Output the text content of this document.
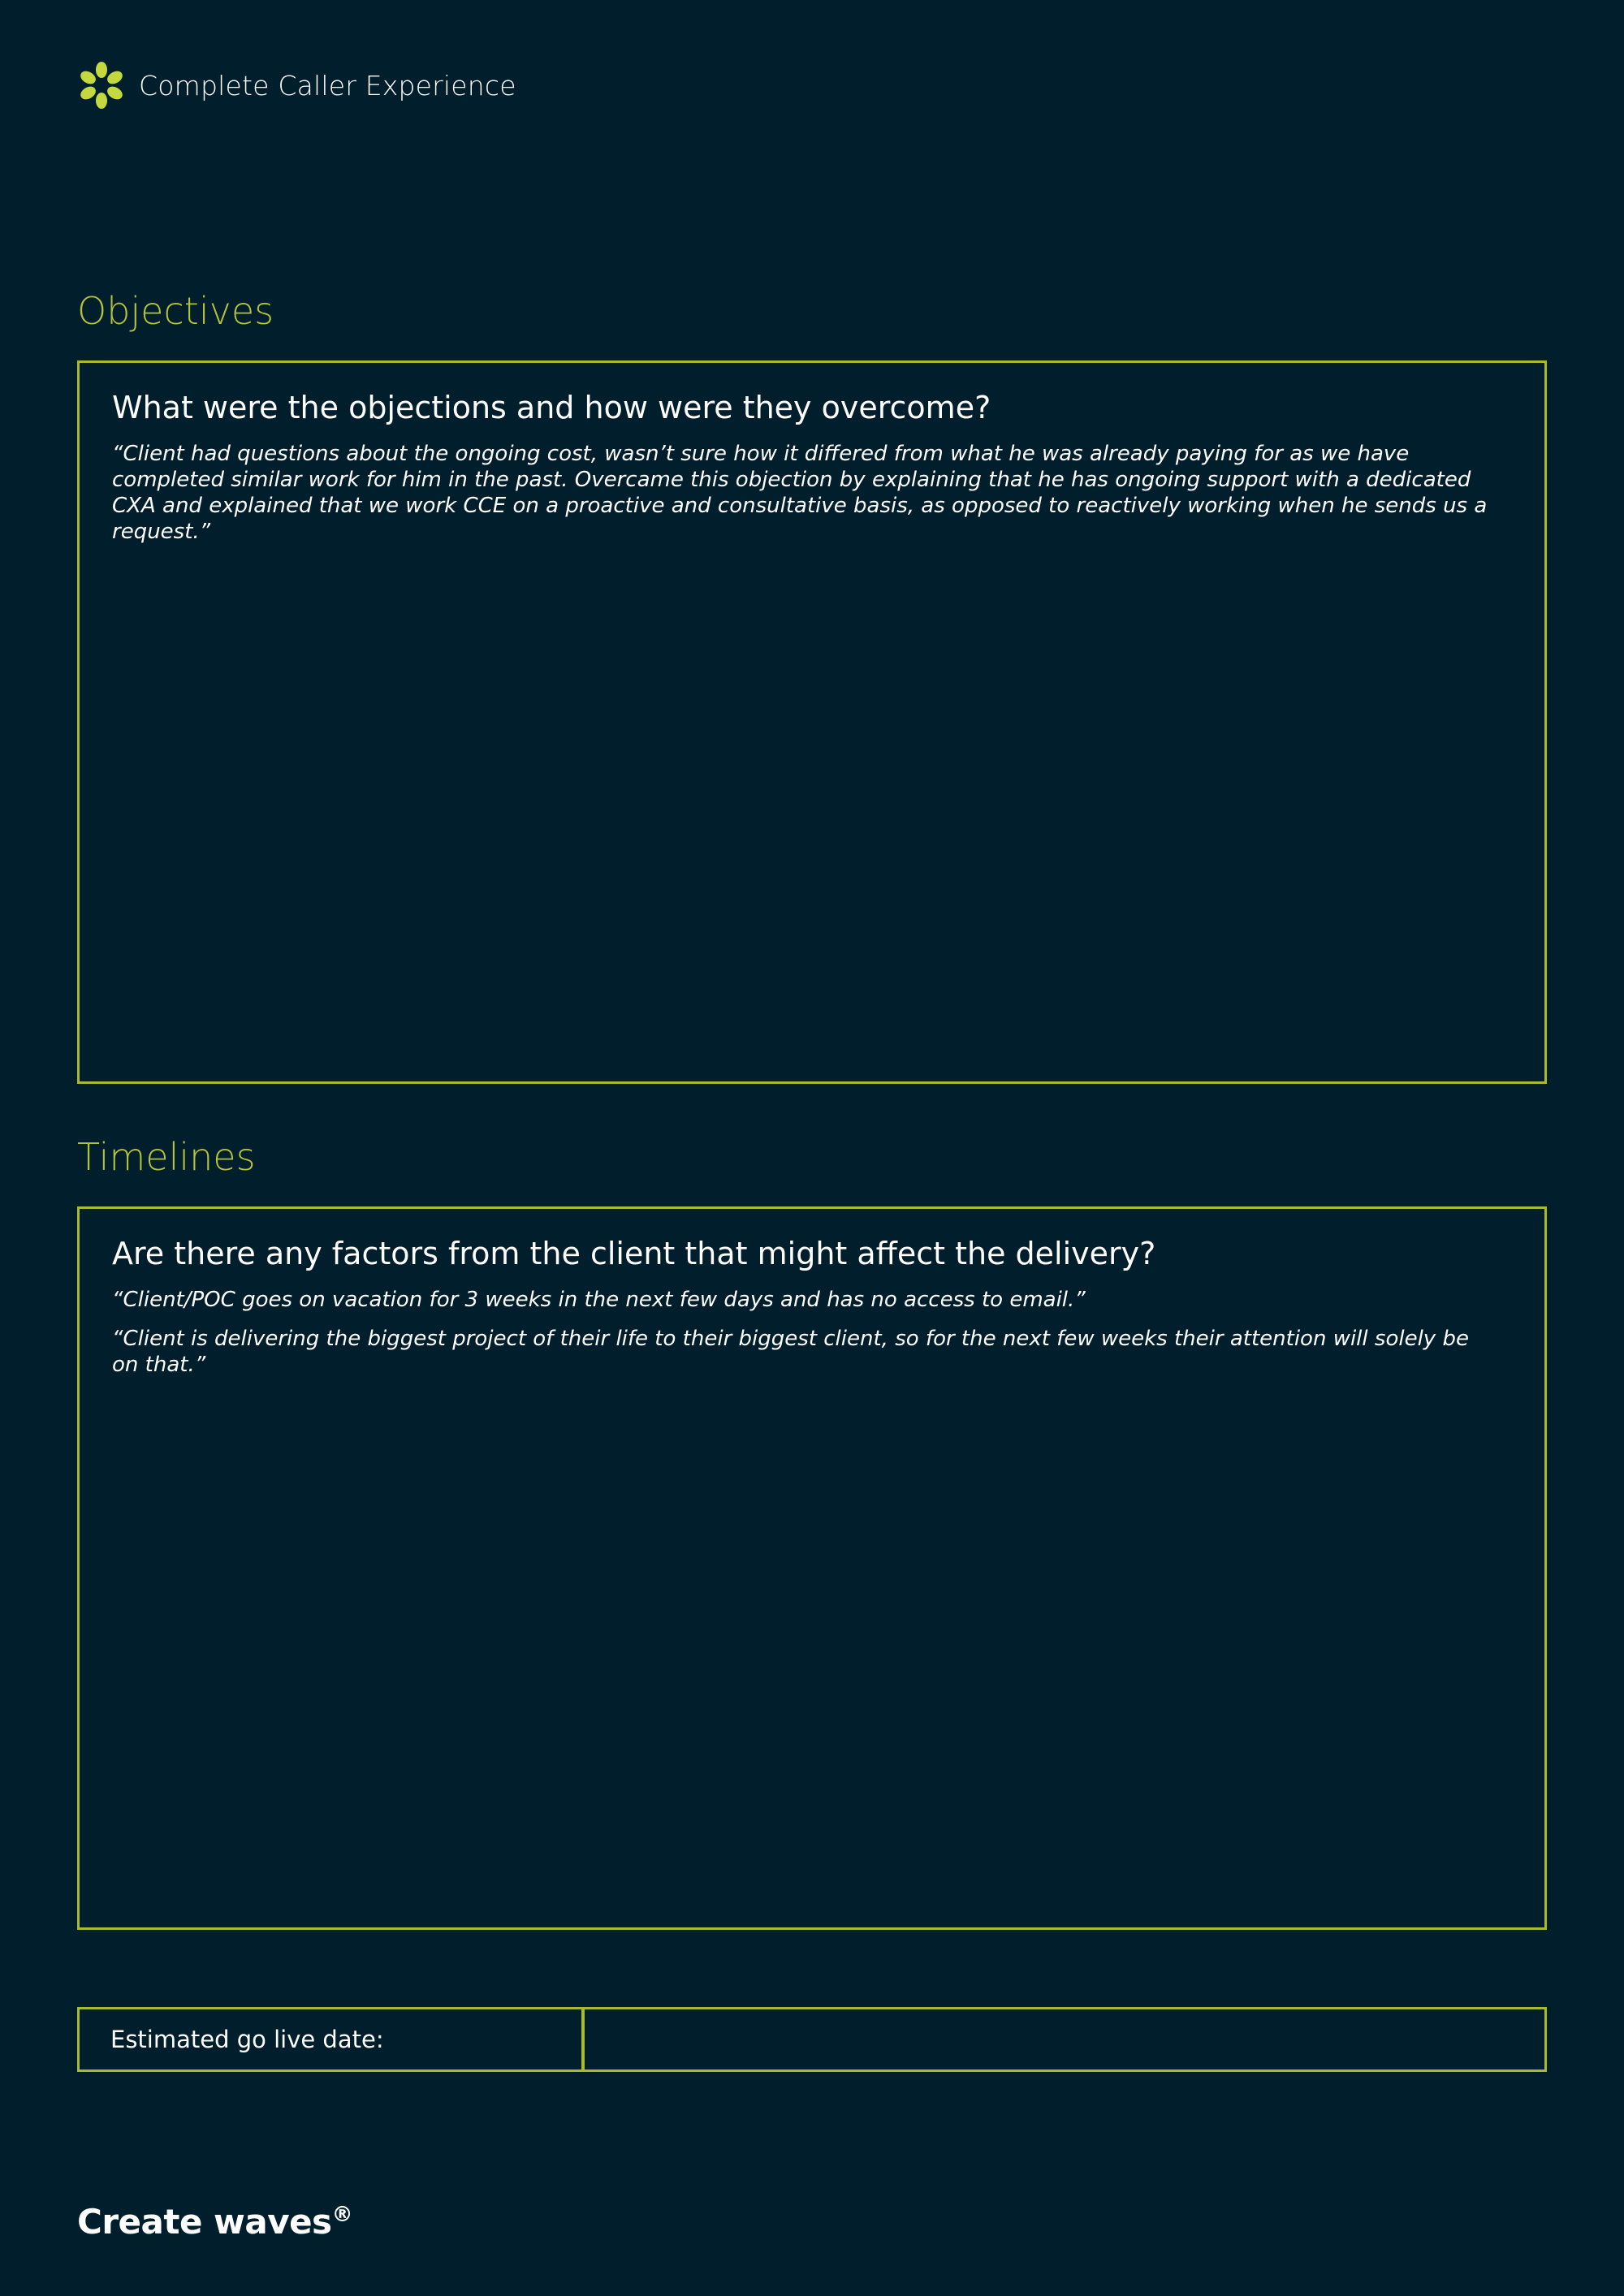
Complete Caller Experience
Objectives
What were the objections and how were they overcome?

“Client had questions about the ongoing cost, wasn’t sure how it differed from what he was already paying for as we have completed similar work for him in the past. Overcame this objection by explaining that he has ongoing support with a dedicated CXA and explained that we work CCE on a proactive and consultative basis, as opposed to reactively working when he sends us a request.”

Timelines
Are there any factors from the client that might affect the delivery?

“Client/POC goes on vacation for 3 weeks in the next few days and has no access to email.”

“Client is delivering the biggest project of their life to their biggest client, so for the next few weeks their attention will solely be on that.”

Estimated go live date:
Create waves®
